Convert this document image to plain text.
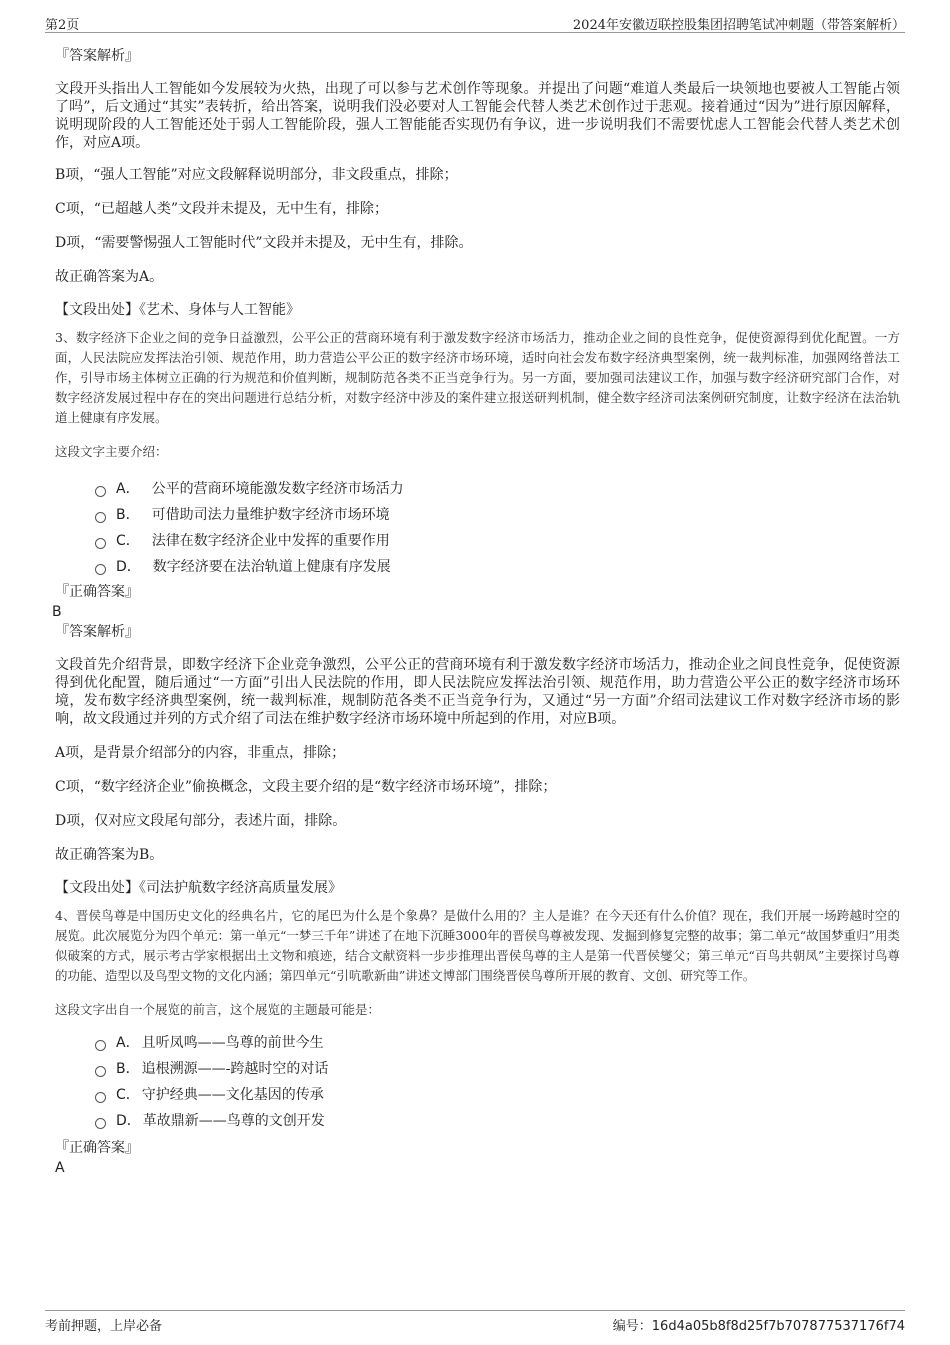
第2页	2024年安徽迈联控股集团招聘笔试冲刺题（带答案解析）

『答案解析』

文段开头指出人工智能如今发展较为火热，出现了可以参与艺术创作等现象。并提出了问题“难道人类最后一块领地也要被人工智能占领了吗”，后文通过“其实”表转折，给出答案，说明我们没必要对人工智能会代替人类艺术创作过于悲观。接着通过“因为”进行原因解释，说明现阶段的人工智能还处于弱人工智能阶段，强人工智能能否实现仍有争议，进一步说明我们不需要忧虑人工智能会代替人类艺术创作，对应A项。

B项，“强人工智能”对应文段解释说明部分，非文段重点，排除；

C项，“已超越人类”文段并未提及，无中生有，排除；

D项，“需要警惕强人工智能时代”文段并未提及，无中生有，排除。

故正确答案为A。

【文段出处】《艺术、身体与人工智能》

3、数字经济下企业之间的竞争日益激烈，公平公正的营商环境有利于激发数字经济市场活力，推动企业之间的良性竞争，促使资源得到优化配置。一方面，人民法院应发挥法治引领、规范作用，助力营造公平公正的数字经济市场环境，适时向社会发布数字经济典型案例，统一裁判标准，加强网络普法工作，引导市场主体树立正确的行为规范和价值判断，规制防范各类不正当竞争行为。另一方面，要加强司法建议工作，加强与数字经济研究部门合作，对数字经济发展过程中存在的突出问题进行总结分析，对数字经济中涉及的案件建立报送研判机制，健全数字经济司法案例研究制度，让数字经济在法治轨道上健康有序发展。

这段文字主要介绍：

A． 公平的营商环境能激发数字经济市场活力
B． 可借助司法力量维护数字经济市场环境
C． 法律在数字经济企业中发挥的重要作用
D． 数字经济要在法治轨道上健康有序发展

『正确答案』

B

『答案解析』

文段首先介绍背景，即数字经济下企业竞争激烈，公平公正的营商环境有利于激发数字经济市场活力，推动企业之间良性竞争，促使资源得到优化配置，随后通过“一方面”引出人民法院的作用，即人民法院应发挥法治引领、规范作用，助力营造公平公正的数字经济市场环境，发布数字经济典型案例，统一裁判标准，规制防范各类不正当竞争行为，又通过“另一方面”介绍司法建议工作对数字经济市场的影响，故文段通过并列的方式介绍了司法在维护数字经济市场环境中所起到的作用，对应B项。

A项，是背景介绍部分的内容，非重点，排除；

C项，“数字经济企业”偷换概念，文段主要介绍的是“数字经济市场环境”，排除；

D项，仅对应文段尾句部分，表述片面，排除。

故正确答案为B。

【文段出处】《司法护航数字经济高质量发展》

4、晋侯鸟尊是中国历史文化的经典名片，它的尾巴为什么是个象鼻？是做什么用的？主人是谁？在今天还有什么价值？现在，我们开展一场跨越时空的展览。此次展览分为四个单元：第一单元“一梦三千年”讲述了在地下沉睡3000年的晋侯鸟尊被发现、发掘到修复完整的故事；第二单元“故国梦重归”用类似破案的方式，展示考古学家根据出土文物和痕迹，结合文献资料一步步推理出晋侯鸟尊的主人是第一代晋侯燮父；第三单元“百鸟共朝凤”主要探讨鸟尊的功能、造型以及鸟型文物的文化内涵；第四单元“引吭歌新曲”讲述文博部门围绕晋侯鸟尊所开展的教育、文创、研究等工作。

这段文字出自一个展览的前言，这个展览的主题最可能是：

A． 且听凤鸣——鸟尊的前世今生
B． 追根溯源——-跨越时空的对话
C． 守护经典——文化基因的传承
D． 革故鼎新——鸟尊的文创开发

『正确答案』

A

考前押题，上岸必备	编号：16d4a05b8f8d25f7b707877537176f74
